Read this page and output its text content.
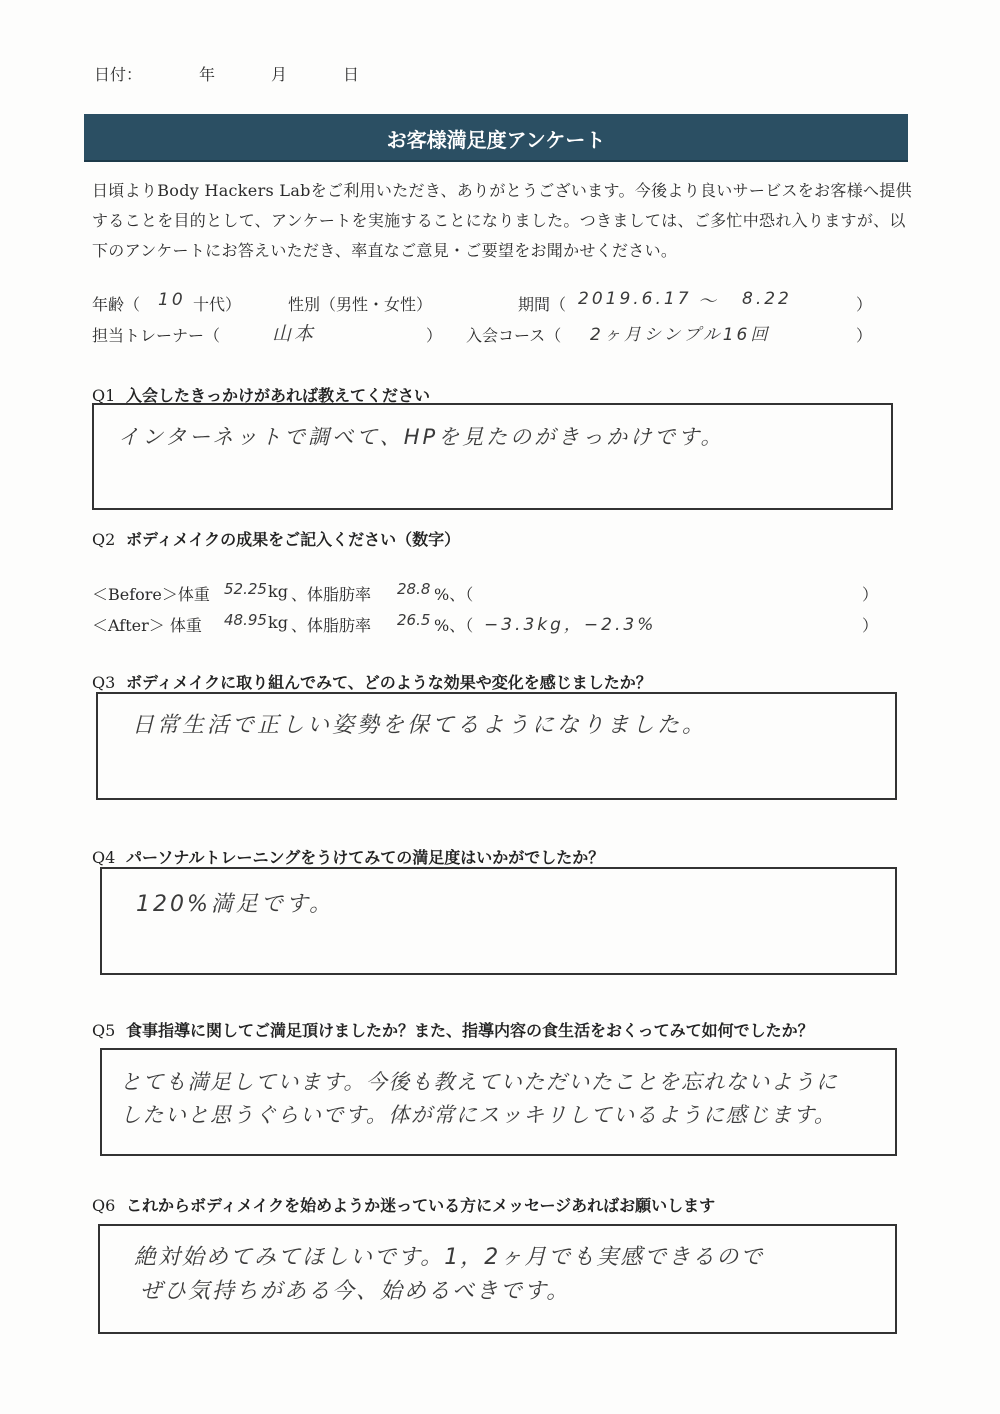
日付：	年	月	日
お客様満足度アンケート
日頃よりBody Hackers Labをご利用いただき、ありがとうございます。今後より良いサービスをお客様へ提供することを目的として、アンケートを実施することになりました。つきましては、ご多忙中恐れ入りますが、以下のアンケートにお答えいただき、率直なご意見・ご要望をお聞かせください。
年齢（ 10 十代）	性別（男性・女性）	期間（ 2019.6.17 ～ 8.22	）
担当トレーナー（	山本	） 入会コース（ 2ヶ月シンプル16回	）
Q1 入会したきっかけがあれば教えてください
インターネットで調べて、HPを見たのがきっかけです。
Q2 ボディメイクの成果をご記入ください（数字）
＜Before＞体重 52.25 kg 、体脂肪率 28.8 %、（	）
＜After＞ 体重 48.95 kg 、体脂肪率 26.5 %、（ −3.3kg，−2.3%	）
Q3 ボディメイクに取り組んでみて、どのような効果や変化を感じましたか？
日常生活で正しい姿勢を保てるようになりました。
Q4 パーソナルトレーニングをうけてみての満足度はいかがでしたか？
120%満足です。
Q5 食事指導に関してご満足頂けましたか？また、指導内容の食生活をおくってみて如何でしたか？
とても満足しています。今後も教えていただいたことを忘れないように
したいと思うぐらいです。体が常にスッキリしているように感じます。
Q6 これからボディメイクを始めようか迷っている方にメッセージあればお願いします
絶対始めてみてほしいです。1，2ヶ月でも実感できるので
ぜひ気持ちがある今、始めるべきです。
